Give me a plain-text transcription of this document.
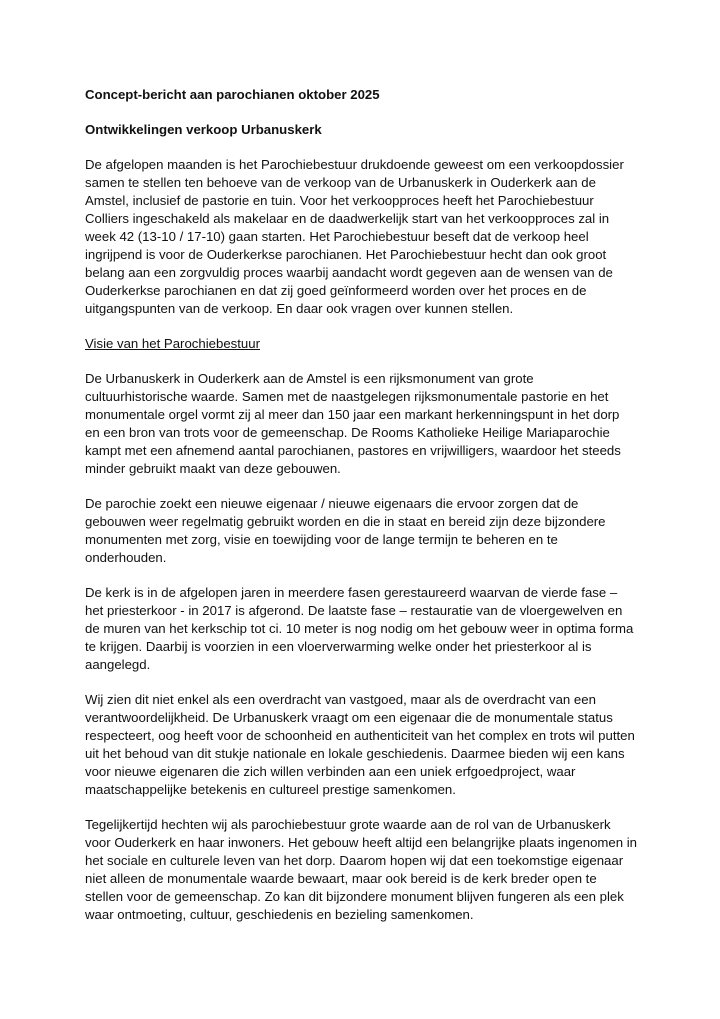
Concept-bericht aan parochianen oktober 2025
Ontwikkelingen verkoop Urbanuskerk

De afgelopen maanden is het Parochiebestuur drukdoende geweest om een verkoopdossier samen te stellen ten behoeve van de verkoop van de Urbanuskerk in Ouderkerk aan de Amstel, inclusief de pastorie en tuin. Voor het verkoopproces heeft het Parochiebestuur Colliers ingeschakeld als makelaar en de daadwerkelijk start van het verkoopproces zal in week 42 (13-10 / 17-10) gaan starten. Het Parochiebestuur beseft dat de verkoop heel ingrijpend is voor de Ouderkerkse parochianen. Het Parochiebestuur hecht dan ook groot belang aan een zorgvuldig proces waarbij aandacht wordt gegeven aan de wensen van de Ouderkerkse parochianen en dat zij goed geïnformeerd worden over het proces en de uitgangspunten van de verkoop. En daar ook vragen over kunnen stellen.

Visie van het Parochiebestuur

De Urbanuskerk in Ouderkerk aan de Amstel is een rijksmonument van grote cultuurhistorische waarde. Samen met de naastgelegen rijksmonumentale pastorie en het monumentale orgel vormt zij al meer dan 150 jaar een markant herkenningspunt in het dorp en een bron van trots voor de gemeenschap. De Rooms Katholieke Heilige Mariaparochie kampt met een afnemend aantal parochianen, pastores en vrijwilligers, waardoor het steeds minder gebruikt maakt van deze gebouwen.

De parochie zoekt een nieuwe eigenaar / nieuwe eigenaars die ervoor zorgen dat de gebouwen weer regelmatig gebruikt worden en die in staat en bereid zijn deze bijzondere monumenten met zorg, visie en toewijding voor de lange termijn te beheren en te onderhouden.

De kerk is in de afgelopen jaren in meerdere fasen gerestaureerd waarvan de vierde fase – het priesterkoor - in 2017 is afgerond. De laatste fase – restauratie van de vloergewelven en de muren van het kerkschip tot ci. 10 meter is nog nodig om het gebouw weer in optima forma te krijgen. Daarbij is voorzien in een vloerverwarming welke onder het priesterkoor al is aangelegd.

Wij zien dit niet enkel als een overdracht van vastgoed, maar als de overdracht van een verantwoordelijkheid. De Urbanuskerk vraagt om een eigenaar die de monumentale status respecteert, oog heeft voor de schoonheid en authenticiteit van het complex en trots wil putten uit het behoud van dit stukje nationale en lokale geschiedenis. Daarmee bieden wij een kans voor nieuwe eigenaren die zich willen verbinden aan een uniek erfgoedproject, waar maatschappelijke betekenis en cultureel prestige samenkomen.

Tegelijkertijd hechten wij als parochiebestuur grote waarde aan de rol van de Urbanuskerk voor Ouderkerk en haar inwoners. Het gebouw heeft altijd een belangrijke plaats ingenomen in het sociale en culturele leven van het dorp. Daarom hopen wij dat een toekomstige eigenaar niet alleen de monumentale waarde bewaart, maar ook bereid is de kerk breder open te stellen voor de gemeenschap. Zo kan dit bijzondere monument blijven fungeren als een plek waar ontmoeting, cultuur, geschiedenis en bezieling samenkomen.
